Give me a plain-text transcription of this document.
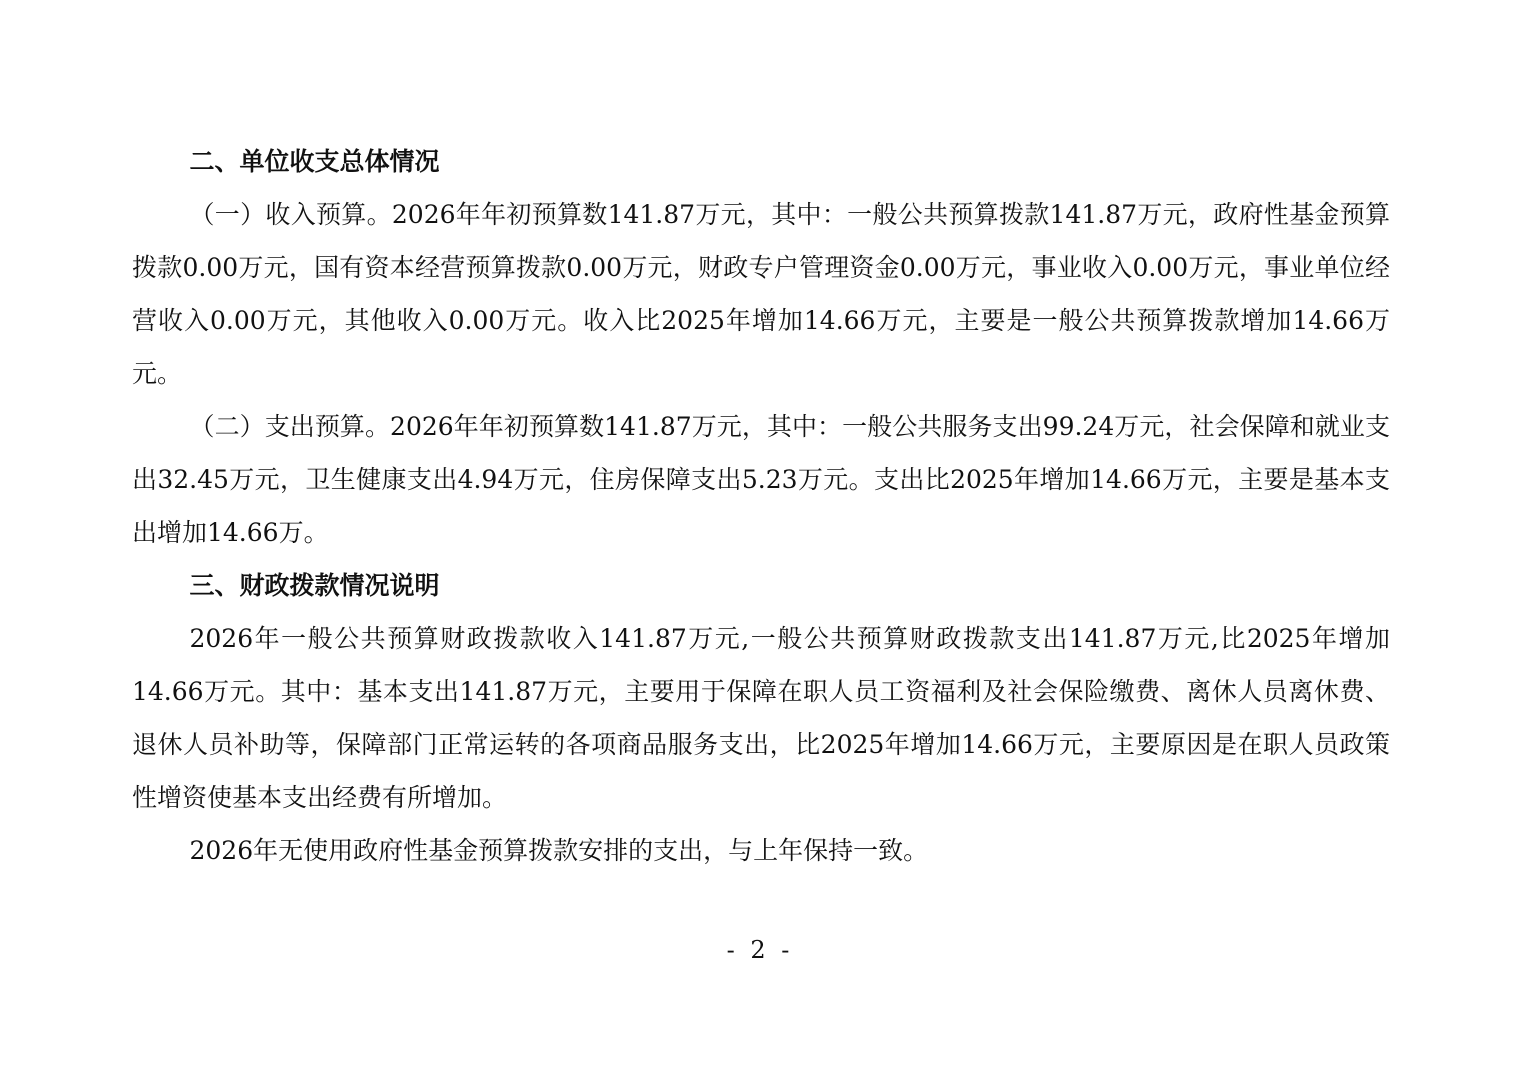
二、单位收支总体情况

（一）收入预算。2026年年初预算数141.87万元，其中：一般公共预算拨款141.87万元，政府性基金预算拨款0.00万元，国有资本经营预算拨款0.00万元，财政专户管理资金0.00万元，事业收入0.00万元，事业单位经营收入0.00万元，其他收入0.00万元。收入比2025年增加14.66万元，主要是一般公共预算拨款增加14.66万元。

（二）支出预算。2026年年初预算数141.87万元，其中：一般公共服务支出99.24万元，社会保障和就业支出32.45万元，卫生健康支出4.94万元，住房保障支出5.23万元。支出比2025年增加14.66万元，主要是基本支出增加14.66万。

三、财政拨款情况说明

2026年一般公共预算财政拨款收入141.87万元,一般公共预算财政拨款支出141.87万元,比2025年增加14.66万元。其中：基本支出141.87万元，主要用于保障在职人员工资福利及社会保险缴费、离休人员离休费、退休人员补助等，保障部门正常运转的各项商品服务支出，比2025年增加14.66万元，主要原因是在职人员政策性增资使基本支出经费有所增加。

2026年无使用政府性基金预算拨款安排的支出，与上年保持一致。

- 2 -
